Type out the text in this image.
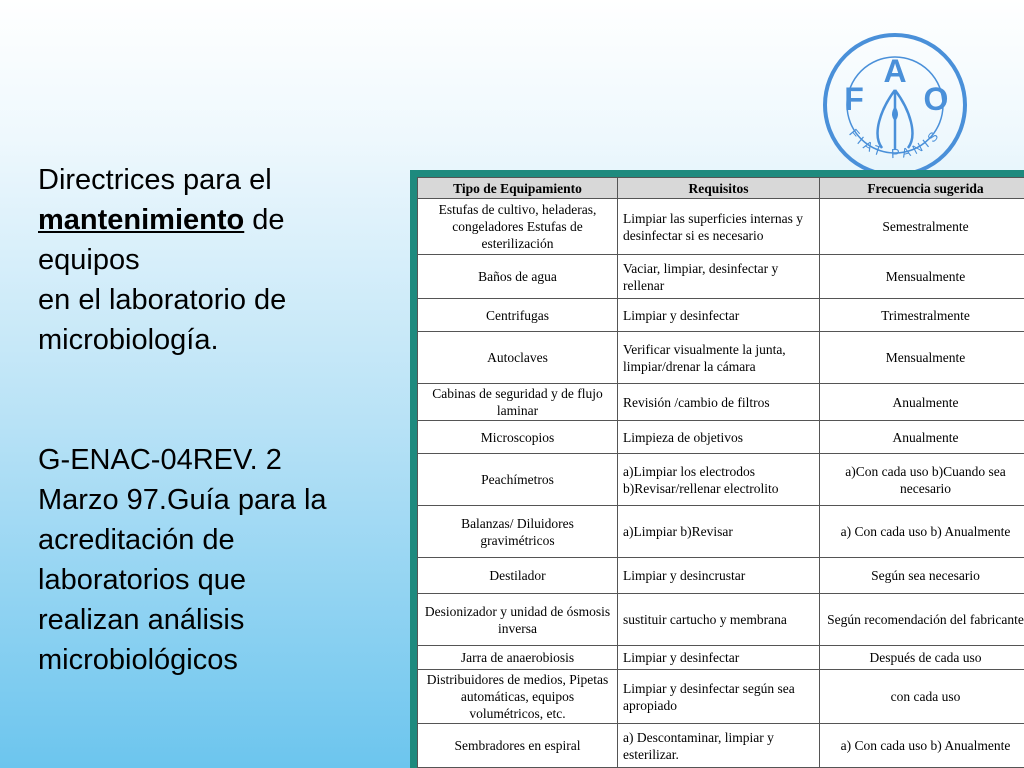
Directrices para el
mantenimiento de
equipos
en el laboratorio de
microbiología.
G-ENAC-04REV. 2
Marzo 97.Guía para la
acreditación de
laboratorios que
realizan análisis
microbiológicos
F
A
O
FIAT PANIS
Tipo de Equipamiento	Requisitos	Frecuencia sugerida
Estufas de cultivo, heladeras, congeladores Estufas de esterilización	Limpiar las superficies internas y desinfectar si es necesario	Semestralmente
Baños de agua	Vaciar, limpiar, desinfectar y rellenar	Mensualmente
Centrifugas	Limpiar y desinfectar	Trimestralmente
Autoclaves	Verificar visualmente la junta, limpiar/drenar la cámara	Mensualmente
Cabinas de seguridad y de flujo laminar	Revisión /cambio de filtros	Anualmente
Microscopios	Limpieza de objetivos	Anualmente
Peachímetros	a)Limpiar los electrodos b)Revisar/rellenar electrolito	a)Con cada uso b)Cuando sea necesario
Balanzas/ Diluidores gravimétricos	a)Limpiar b)Revisar	a) Con cada uso b) Anualmente
Destilador	Limpiar y desincrustar	Según sea necesario
Desionizador y unidad de ósmosis inversa	sustituir cartucho y membrana	Según recomendación del fabricante
Jarra de anaerobiosis	Limpiar y desinfectar	Después de cada uso
Distribuidores de medios, Pipetas automáticas, equipos volumétricos, etc.	Limpiar y desinfectar según sea apropiado	con cada uso
Sembradores en espiral	a) Descontaminar, limpiar y esterilizar.	a) Con cada uso b) Anualmente
